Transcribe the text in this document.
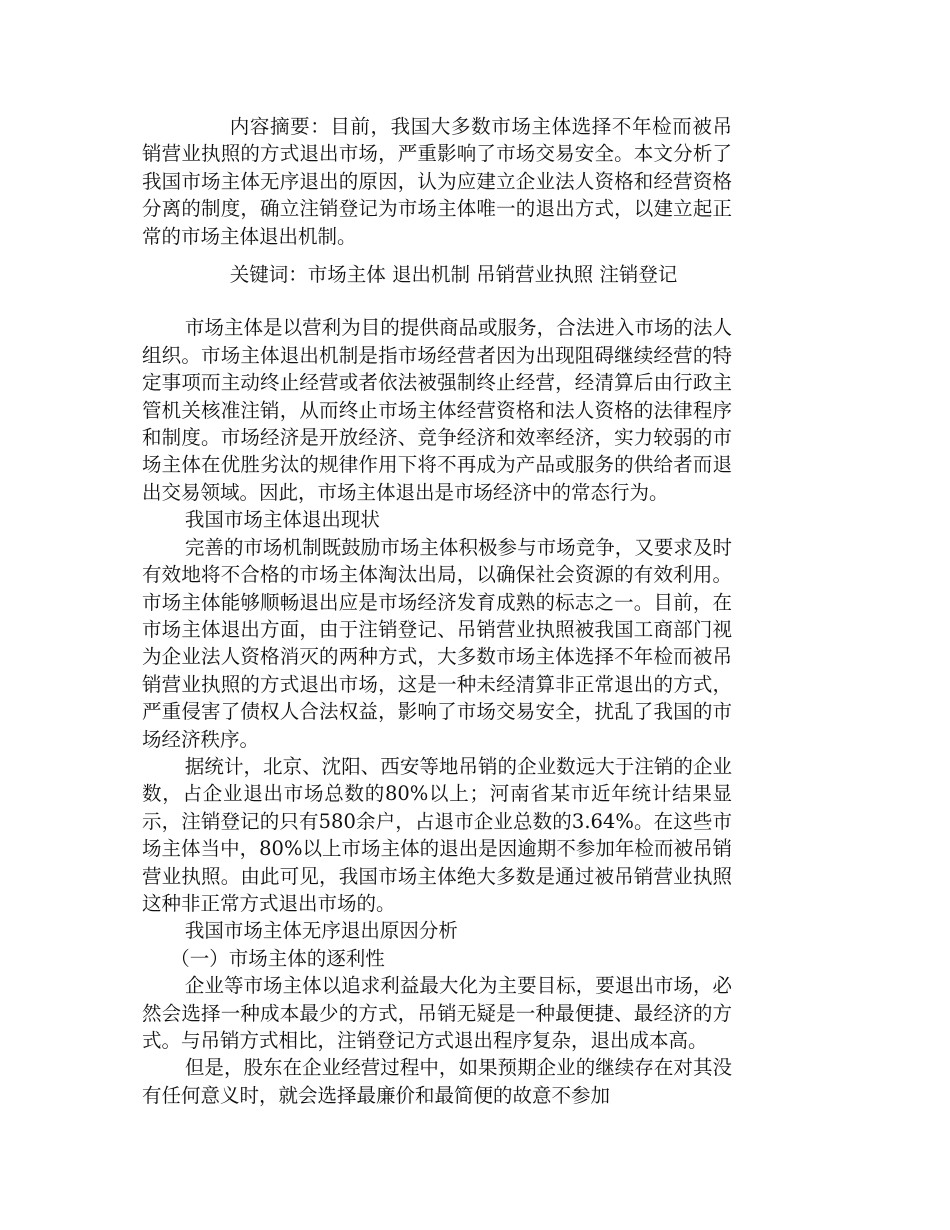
内容摘要：目前，我国大多数市场主体选择不年检而被吊销营业执照的方式退出市场，严重影响了市场交易安全。本文分析了我国市场主体无序退出的原因，认为应建立企业法人资格和经营资格分离的制度，确立注销登记为市场主体唯一的退出方式，以建立起正常的市场主体退出机制。

关键词：市场主体 退出机制 吊销营业执照 注销登记

市场主体是以营利为目的提供商品或服务，合法进入市场的法人组织。市场主体退出机制是指市场经营者因为出现阻碍继续经营的特定事项而主动终止经营或者依法被强制终止经营，经清算后由行政主管机关核准注销，从而终止市场主体经营资格和法人资格的法律程序和制度。市场经济是开放经济、竞争经济和效率经济，实力较弱的市场主体在优胜劣汰的规律作用下将不再成为产品或服务的供给者而退出交易领域。因此，市场主体退出是市场经济中的常态行为。

我国市场主体退出现状

完善的市场机制既鼓励市场主体积极参与市场竞争，又要求及时有效地将不合格的市场主体淘汰出局，以确保社会资源的有效利用。市场主体能够顺畅退出应是市场经济发育成熟的标志之一。目前，在市场主体退出方面，由于注销登记、吊销营业执照被我国工商部门视为企业法人资格消灭的两种方式，大多数市场主体选择不年检而被吊销营业执照的方式退出市场，这是一种未经清算非正常退出的方式，严重侵害了债权人合法权益，影响了市场交易安全，扰乱了我国的市场经济秩序。

据统计，北京、沈阳、西安等地吊销的企业数远大于注销的企业数，占企业退出市场总数的80%以上；河南省某市近年统计结果显示，注销登记的只有580余户，占退市企业总数的3.64%。在这些市场主体当中，80%以上市场主体的退出是因逾期不参加年检而被吊销营业执照。由此可见，我国市场主体绝大多数是通过被吊销营业执照这种非正常方式退出市场的。

我国市场主体无序退出原因分析

（一）市场主体的逐利性

企业等市场主体以追求利益最大化为主要目标，要退出市场，必然会选择一种成本最少的方式，吊销无疑是一种最便捷、最经济的方式。与吊销方式相比，注销登记方式退出程序复杂，退出成本高。

但是，股东在企业经营过程中，如果预期企业的继续存在对其没有任何意义时，就会选择最廉价和最简便的故意不参加
